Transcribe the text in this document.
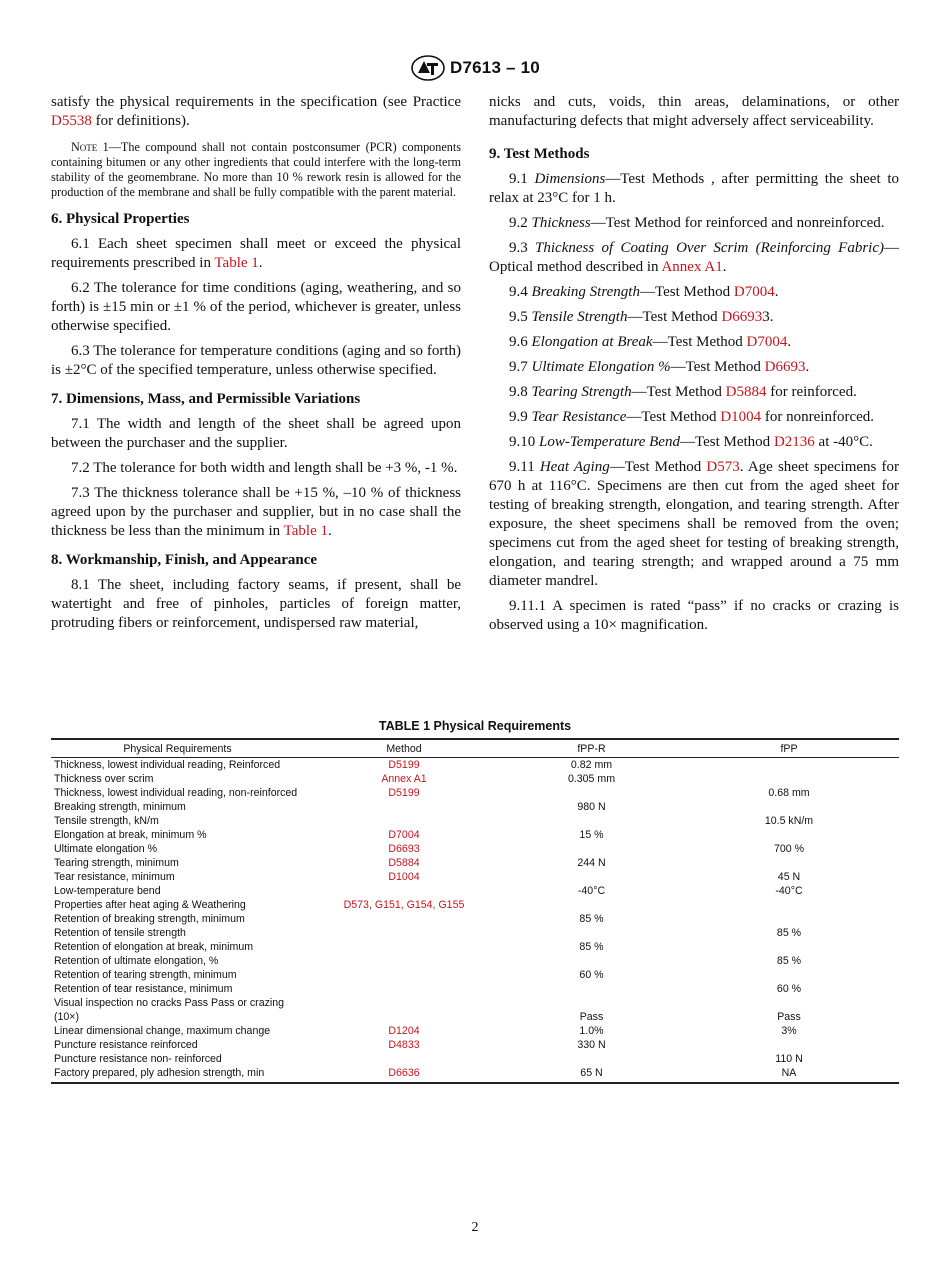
D7613 – 10

satisfy the physical requirements in the specification (see Practice D5538 for definitions).

Note 1—The compound shall not contain postconsumer (PCR) components containing bitumen or any other ingredients that could interfere with the long-term stability of the geomembrane. No more than 10 % rework resin is allowed for the production of the membrane and shall be fully compatible with the parent material.
6. Physical Properties

6.1 Each sheet specimen shall meet or exceed the physical requirements prescribed in Table 1.

6.2 The tolerance for time conditions (aging, weathering, and so forth) is ±15 min or ±1 % of the period, whichever is greater, unless otherwise specified.

6.3 The tolerance for temperature conditions (aging and so forth) is ±2°C of the specified temperature, unless otherwise specified.

7. Dimensions, Mass, and Permissible Variations

7.1 The width and length of the sheet shall be agreed upon between the purchaser and the supplier.

7.2 The tolerance for both width and length shall be +3 %, -1 %.

7.3 The thickness tolerance shall be +15 %, –10 % of thickness agreed upon by the purchaser and supplier, but in no case shall the thickness be less than the minimum in Table 1.

8. Workmanship, Finish, and Appearance

8.1 The sheet, including factory seams, if present, shall be watertight and free of pinholes, particles of foreign matter, protruding fibers or reinforcement, undispersed raw material,

nicks and cuts, voids, thin areas, delaminations, or other manufacturing defects that might adversely affect serviceability.

9. Test Methods

9.1 Dimensions—Test Methods , after permitting the sheet to relax at 23°C for 1 h.

9.2 Thickness—Test Method for reinforced and nonreinforced.

9.3 Thickness of Coating Over Scrim (Reinforcing Fabric)—Optical method described in Annex A1.

9.4 Breaking Strength—Test Method D7004.

9.5 Tensile Strength—Test Method D66933.

9.6 Elongation at Break—Test Method D7004.

9.7 Ultimate Elongation %—Test Method D6693.

9.8 Tearing Strength—Test Method D5884 for reinforced.

9.9 Tear Resistance—Test Method D1004 for nonreinforced.

9.10 Low-Temperature Bend—Test Method D2136 at -40°C.

9.11 Heat Aging—Test Method D573. Age sheet specimens for 670 h at 116°C. Specimens are then cut from the aged sheet for testing of breaking strength, elongation, and tearing strength. After exposure, the sheet specimens shall be removed from the oven; specimens cut from the aged sheet for testing of breaking strength, elongation, and tearing strength; and wrapped around a 75 mm diameter mandrel.

9.11.1 A specimen is rated “pass” if no cracks or crazing is observed using a 10× magnification.

TABLE 1 Physical Requirements
Physical Requirements	Method	fPP-R	fPP
Thickness, lowest individual reading, Reinforced	D5199	0.82 mm	
Thickness over scrim	Annex A1	0.305 mm	
Thickness, lowest individual reading, non-reinforced	D5199		0.68 mm
Breaking strength, minimum		980 N	
Tensile strength, kN/m			10.5 kN/m
Elongation at break, minimum %	D7004	15 %	
Ultimate elongation %	D6693		700 %
Tearing strength, minimum	D5884	244 N	
Tear resistance, minimum	D1004		45 N
Low-temperature bend		-40°C	-40°C
Properties after heat aging & Weathering	D573, G151, G154, G155		
Retention of breaking strength, minimum		85 %	
Retention of tensile strength			85 %
Retention of elongation at break, minimum		85 %	
Retention of ultimate elongation, %			85 %
Retention of tearing strength, minimum		60 %	
Retention of tear resistance, minimum			60 %
Visual inspection no cracks Pass Pass or crazing (10×)		Pass	Pass
Linear dimensional change, maximum change	D1204	1.0%	3%
Puncture resistance reinforced	D4833	330 N	
Puncture resistance non- reinforced			110 N
Factory prepared, ply adhesion strength, min	D6636	65 N	NA
2
